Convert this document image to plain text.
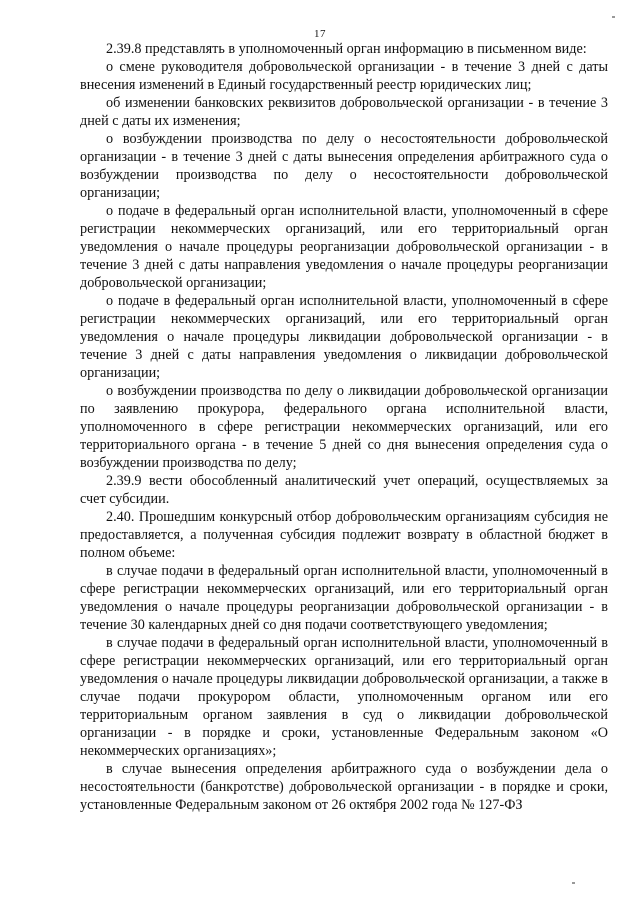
17

2.39.8 представлять в уполномоченный орган информацию в письменном виде:

о смене руководителя добровольческой организации - в течение 3 дней с даты внесения изменений в Единый государственный реестр юридических лиц;

об изменении банковских реквизитов добровольческой организации - в течение 3 дней с даты их изменения;

о возбуждении производства по делу о несостоятельности добровольческой организации - в течение 3 дней с даты вынесения определения арбитражного суда о возбуждении производства по делу о несостоятельности добровольческой организации;

о подаче в федеральный орган исполнительной власти, уполномоченный в сфере регистрации некоммерческих организаций, или его территориальный орган уведомления о начале процедуры реорганизации добровольческой организации - в течение 3 дней с даты направления уведомления о начале процедуры реорганизации добровольческой организации;

о подаче в федеральный орган исполнительной власти, уполномоченный в сфере регистрации некоммерческих организаций, или его территориальный орган уведомления о начале процедуры ликвидации добровольческой организации - в течение 3 дней с даты направления уведомления о ликвидации добровольческой организации;

о возбуждении производства по делу о ликвидации добровольческой организации по заявлению прокурора, федерального органа исполнительной власти, уполномоченного в сфере регистрации некоммерческих организаций, или его территориального органа - в течение 5 дней со дня вынесения определения суда о возбуждении производства по делу;

2.39.9 вести обособленный аналитический учет операций, осуществляемых за счет субсидии.

2.40. Прошедшим конкурсный отбор добровольческим организациям субсидия не предоставляется, а полученная субсидия подлежит возврату в областной бюджет в полном объеме:

в случае подачи в федеральный орган исполнительной власти, уполномоченный в сфере регистрации некоммерческих организаций, или его территориальный орган уведомления о начале процедуры реорганизации добровольческой организации - в течение 30 календарных дней со дня подачи соответствующего уведомления;

в случае подачи в федеральный орган исполнительной власти, уполномоченный в сфере регистрации некоммерческих организаций, или его территориальный орган уведомления о начале процедуры ликвидации добровольческой организации, а также в случае подачи прокурором области, уполномоченным органом или его территориальным органом заявления в суд о ликвидации добровольческой организации - в порядке и сроки, установленные Федеральным законом «О некоммерческих организациях»;

в случае вынесения определения арбитражного суда о возбуждении дела о несостоятельности (банкротстве) добровольческой организации - в порядке и сроки, установленные Федеральным законом от 26 октября 2002 года № 127-ФЗ
